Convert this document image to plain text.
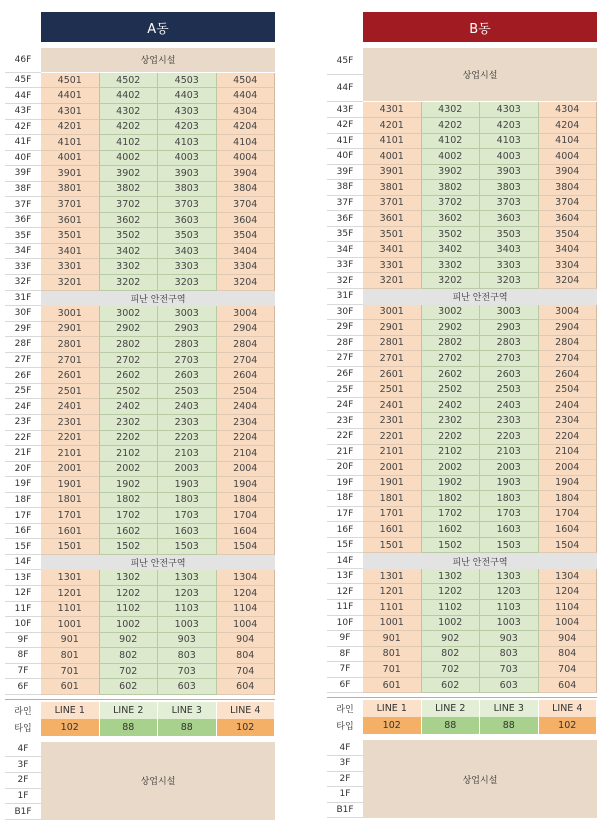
A동
46F	상업시설
45F	4501	4502	4503	4504
44F	4401	4402	4403	4404
43F	4301	4302	4303	4304
42F	4201	4202	4203	4204
41F	4101	4102	4103	4104
40F	4001	4002	4003	4004
39F	3901	3902	3903	3904
38F	3801	3802	3803	3804
37F	3701	3702	3703	3704
36F	3601	3602	3603	3604
35F	3501	3502	3503	3504
34F	3401	3402	3403	3404
33F	3301	3302	3303	3304
32F	3201	3202	3203	3204
31F	피난 안전구역
30F	3001	3002	3003	3004
29F	2901	2902	2903	2904
28F	2801	2802	2803	2804
27F	2701	2702	2703	2704
26F	2601	2602	2603	2604
25F	2501	2502	2503	2504
24F	2401	2402	2403	2404
23F	2301	2302	2303	2304
22F	2201	2202	2203	2204
21F	2101	2102	2103	2104
20F	2001	2002	2003	2004
19F	1901	1902	1903	1904
18F	1801	1802	1803	1804
17F	1701	1702	1703	1704
16F	1601	1602	1603	1604
15F	1501	1502	1503	1504
14F	피난 안전구역
13F	1301	1302	1303	1304
12F	1201	1202	1203	1204
11F	1101	1102	1103	1104
10F	1001	1002	1003	1004
9F	901	902	903	904
8F	801	802	803	804
7F	701	702	703	704
6F	601	602	603	604
라인	LINE 1	LINE 2	LINE 3	LINE 4
타입	102	88	88	102
4F
3F
2F
1F
B1F
상업시설
B동
45F
44F
상업시설
43F	4301	4302	4303	4304
42F	4201	4202	4203	4204
41F	4101	4102	4103	4104
40F	4001	4002	4003	4004
39F	3901	3902	3903	3904
38F	3801	3802	3803	3804
37F	3701	3702	3703	3704
36F	3601	3602	3603	3604
35F	3501	3502	3503	3504
34F	3401	3402	3403	3404
33F	3301	3302	3303	3304
32F	3201	3202	3203	3204
31F	피난 안전구역
30F	3001	3002	3003	3004
29F	2901	2902	2903	2904
28F	2801	2802	2803	2804
27F	2701	2702	2703	2704
26F	2601	2602	2603	2604
25F	2501	2502	2503	2504
24F	2401	2402	2403	2404
23F	2301	2302	2303	2304
22F	2201	2202	2203	2204
21F	2101	2102	2103	2104
20F	2001	2002	2003	2004
19F	1901	1902	1903	1904
18F	1801	1802	1803	1804
17F	1701	1702	1703	1704
16F	1601	1602	1603	1604
15F	1501	1502	1503	1504
14F	피난 안전구역
13F	1301	1302	1303	1304
12F	1201	1202	1203	1204
11F	1101	1102	1103	1104
10F	1001	1002	1003	1004
9F	901	902	903	904
8F	801	802	803	804
7F	701	702	703	704
6F	601	602	603	604
라인	LINE 1	LINE 2	LINE 3	LINE 4
타입	102	88	88	102
4F
3F
2F
1F
B1F
상업시설
